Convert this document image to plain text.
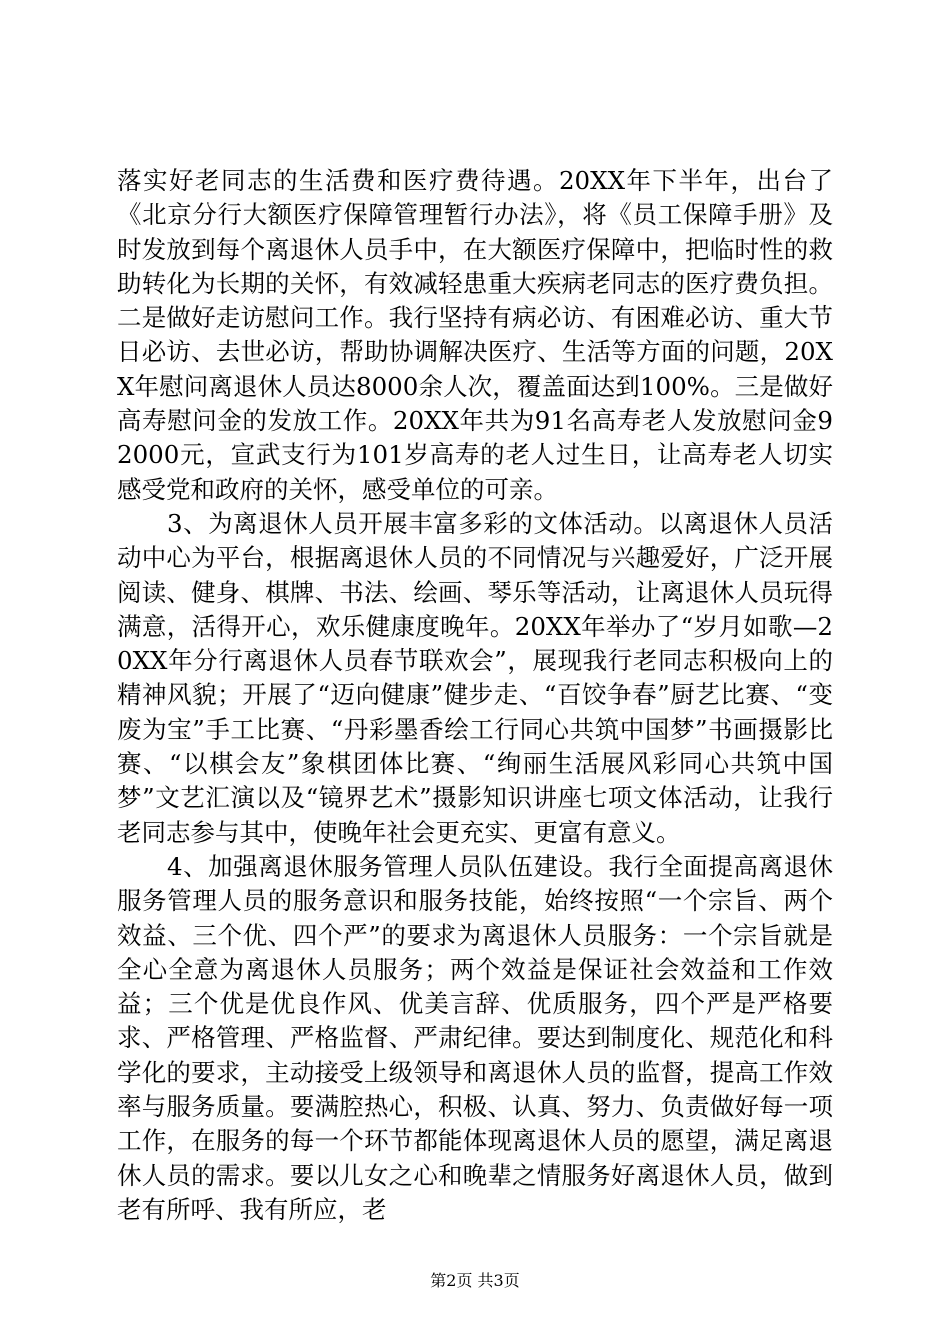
落实好老同志的生活费和医疗费待遇。20XX年下半年，出台了《北京分行大额医疗保障管理暂行办法》，将《员工保障手册》及时发放到每个离退休人员手中，在大额医疗保障中，把临时性的救助转化为长期的关怀，有效减轻患重大疾病老同志的医疗费负担。二是做好走访慰问工作。我行坚持有病必访、有困难必访、重大节日必访、去世必访，帮助协调解决医疗、生活等方面的问题，20XX年慰问离退休人员达8000余人次，覆盖面达到100%。三是做好高寿慰问金的发放工作。20XX年共为91名高寿老人发放慰问金92000元，宣武支行为101岁高寿的老人过生日，让高寿老人切实感受党和政府的关怀，感受单位的可亲。

　　3、为离退休人员开展丰富多彩的文体活动。以离退休人员活动中心为平台，根据离退休人员的不同情况与兴趣爱好，广泛开展阅读、健身、棋牌、书法、绘画、琴乐等活动，让离退休人员玩得满意，活得开心，欢乐健康度晚年。20XX年举办了“岁月如歌—20XX年分行离退休人员春节联欢会”，展现我行老同志积极向上的精神风貌；开展了“迈向健康”健步走、“百饺争春”厨艺比赛、“变废为宝”手工比赛、“丹彩墨香绘工行同心共筑中国梦”书画摄影比赛、“以棋会友”象棋团体比赛、“绚丽生活展风彩同心共筑中国梦”文艺汇演以及“镜界艺术”摄影知识讲座七项文体活动，让我行老同志参与其中，使晚年社会更充实、更富有意义。

　　4、加强离退休服务管理人员队伍建设。我行全面提高离退休服务管理人员的服务意识和服务技能，始终按照“一个宗旨、两个效益、三个优、四个严”的要求为离退休人员服务：一个宗旨就是全心全意为离退休人员服务；两个效益是保证社会效益和工作效益；三个优是优良作风、优美言辞、优质服务，四个严是严格要求、严格管理、严格监督、严肃纪律。要达到制度化、规范化和科学化的要求，主动接受上级领导和离退休人员的监督，提高工作效率与服务质量。要满腔热心，积极、认真、努力、负责做好每一项工作，在服务的每一个环节都能体现离退休人员的愿望，满足离退休人员的需求。要以儿女之心和晚辈之情服务好离退休人员，做到老有所呼、我有所应，老

第2页 共3页
